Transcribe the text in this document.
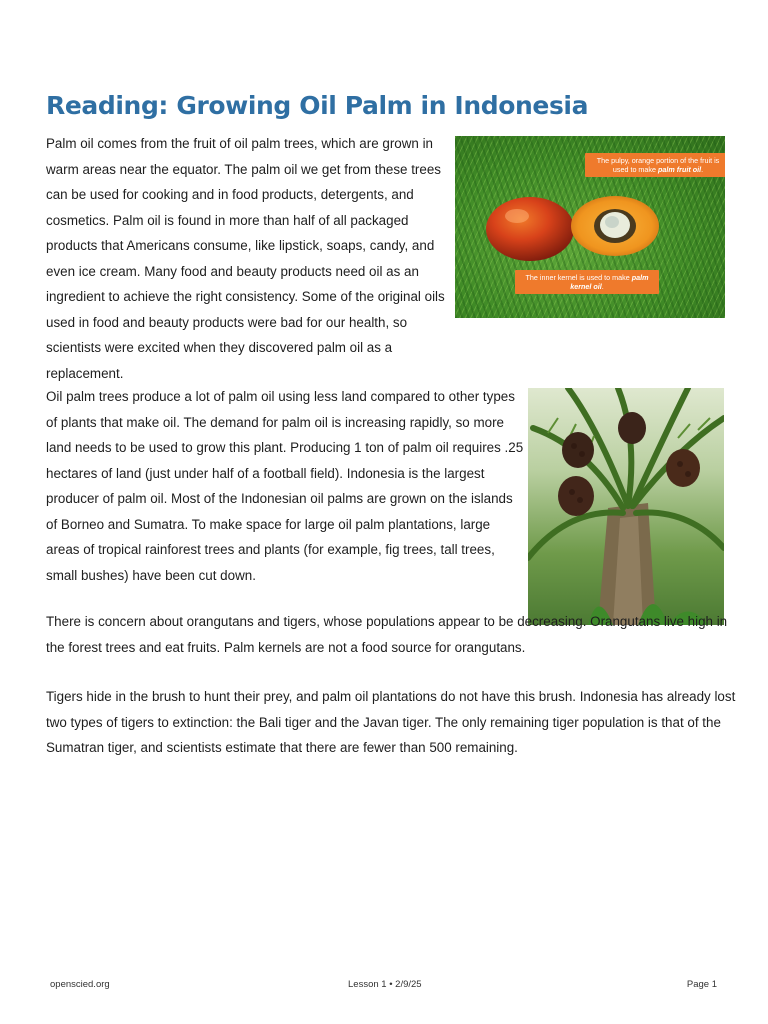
Reading: Growing Oil Palm in Indonesia

Palm oil comes from the fruit of oil palm trees, which are grown in warm areas near the equator. The palm oil we get from these trees can be used for cooking and in food products, detergents, and cosmetics. Palm oil is found in more than half of all packaged products that Americans consume, like lipstick, soaps, candy, and even ice cream. Many food and beauty products need oil as an ingredient to achieve the right consistency. Some of the original oils used in food and beauty products were bad for our health, so scientists were excited when they discovered palm oil as a replacement.

The pulpy, orange portion of the fruit is used to make palm fruit oil.
The inner kernel is used to make palm kernel oil.

Oil palm trees produce a lot of palm oil using less land compared to other types of plants that make oil. The demand for palm oil is increasing rapidly, so more land needs to be used to grow this plant. Producing 1 ton of palm oil requires .25 hectares of land (just under half of a football field). Indonesia is the largest producer of palm oil. Most of the Indonesian oil palms are grown on the islands of Borneo and Sumatra. To make space for large oil palm plantations, large areas of tropical rainforest trees and plants (for example, fig trees, tall trees, small bushes) have been cut down.

There is concern about orangutans and tigers, whose populations appear to be decreasing. Orangutans live high in the forest trees and eat fruits. Palm kernels are not a food source for orangutans.

Tigers hide in the brush to hunt their prey, and palm oil plantations do not have this brush. Indonesia has already lost two types of tigers to extinction: the Bali tiger and the Javan tiger. The only remaining tiger population is that of the Sumatran tiger, and scientists estimate that there are fewer than 500 remaining.

openscied.org	Lesson 1 • 2/9/25	Page 1
